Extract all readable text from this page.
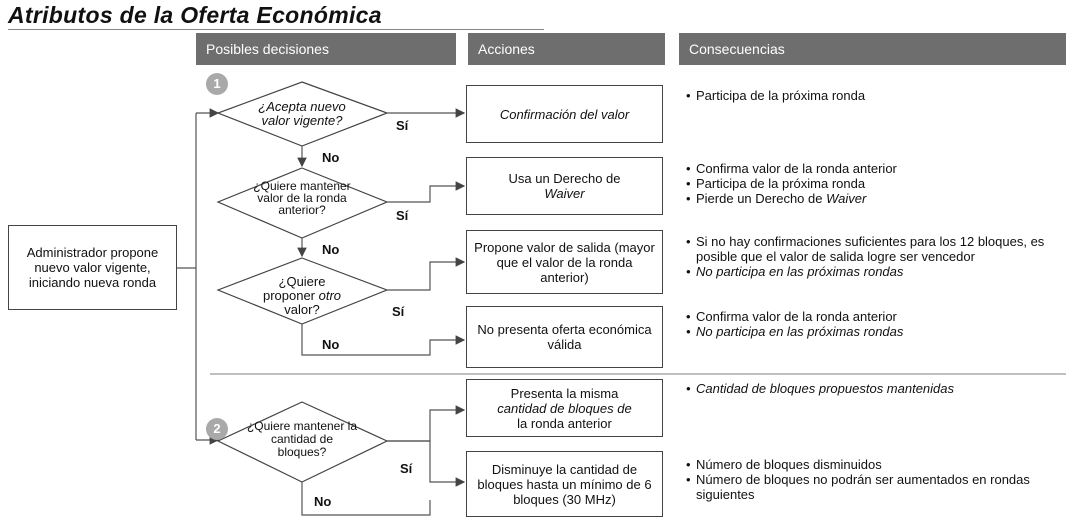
Atributos de la Oferta Económica
Posibles decisiones	Acciones	Consecuencias
Administrador propone nuevo valor vigente, iniciando nueva ronda
1
2
¿Acepta nuevo valor vigente?
¿Quiere mantener valor de la ronda anterior?
¿Quiere
proponer otro
valor?
¿Quiere mantener la cantidad de bloques?
Sí
No
Sí
No
Sí
No
Sí
No
Confirmación del valor
Usa un Derecho de
Waiver
Propone valor de salida (mayor que el valor de la ronda anterior)
No presenta oferta económica válida
Presenta la misma
cantidad de bloques de
la ronda anterior
Disminuye la cantidad de bloques hasta un mínimo de 6 bloques (30 MHz)
• Participa de la próxima ronda
• Confirma valor de la ronda anterior
• Participa de la próxima ronda
• Pierde un Derecho de Waiver
• Si no hay confirmaciones suficientes para los 12 bloques, es posible que el valor de salida logre ser vencedor
• No participa en las próximas rondas
• Confirma valor de la ronda anterior
• No participa en las próximas rondas
• Cantidad de bloques propuestos mantenidas
• Número de bloques disminuidos
• Número de bloques no podrán ser aumentados en rondas siguientes
